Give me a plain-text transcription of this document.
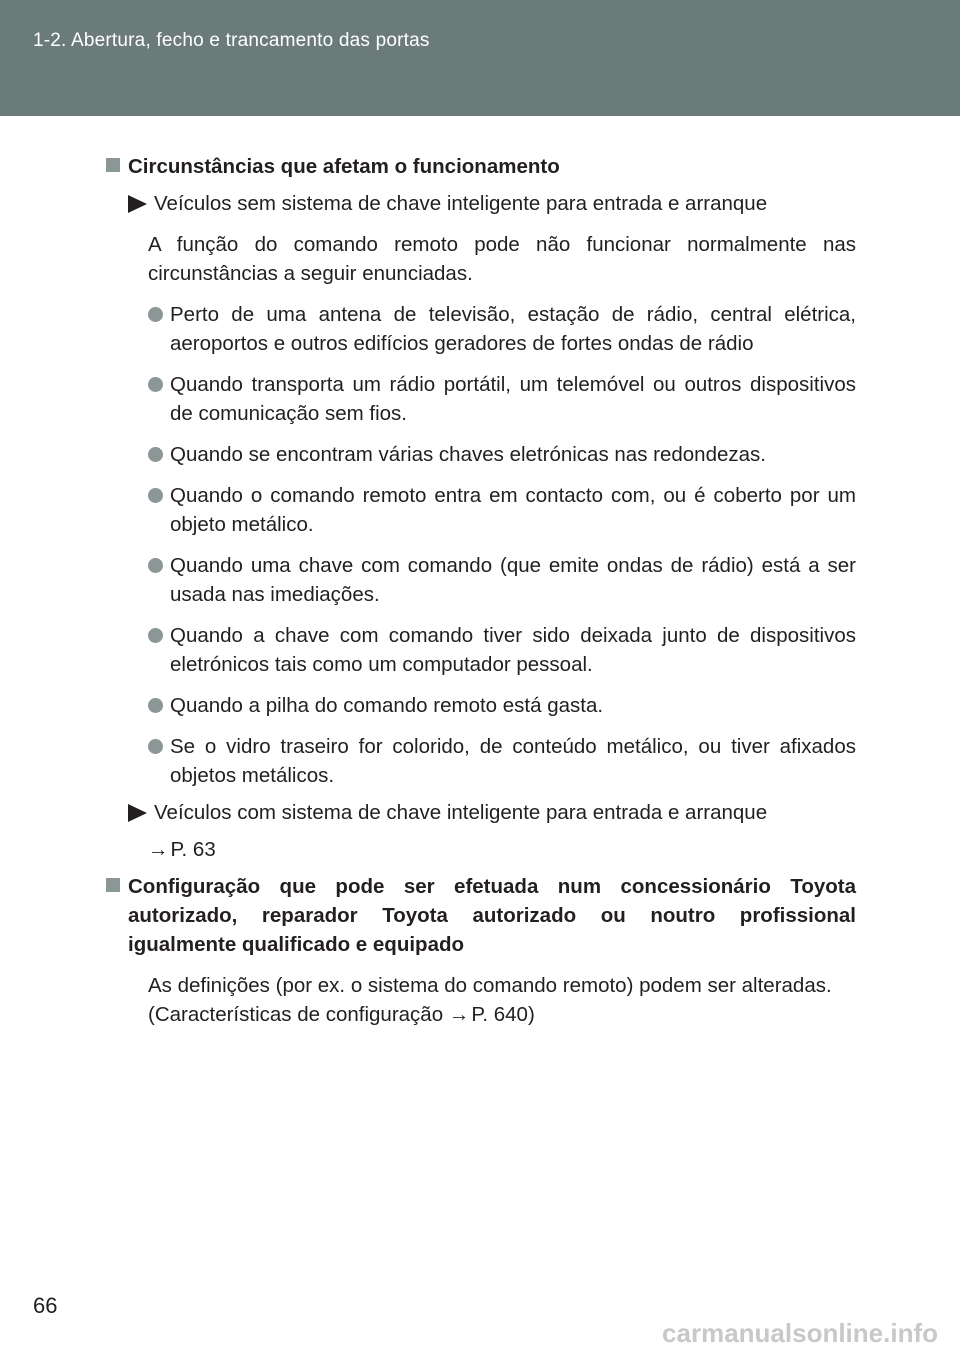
1-2. Abertura, fecho e trancamento das portas
Circunstâncias que afetam o funcionamento
Veículos sem sistema de chave inteligente para entrada e arranque
A função do comando remoto pode não funcionar normalmente nas circunstâncias a seguir enunciadas.
Perto de uma antena de televisão, estação de rádio, central elétrica, aeroportos e outros edifícios geradores de fortes ondas de rádio
Quando transporta um rádio portátil, um telemóvel ou outros dispositivos de comunicação sem fios.
Quando se encontram várias chaves eletrónicas nas redondezas.
Quando o comando remoto entra em contacto com, ou é coberto por um objeto metálico.
Quando uma chave com comando (que emite ondas de rádio) está a ser usada nas imediações.
Quando a chave com comando tiver sido deixada junto de dispositivos eletrónicos tais como um computador pessoal.
Quando a pilha do comando remoto está gasta.
Se o vidro traseiro for colorido, de conteúdo metálico, ou tiver afixados objetos metálicos.
Veículos com sistema de chave inteligente para entrada e arranque
→P. 63
Configuração que pode ser efetuada num concessionário Toyota autorizado, reparador Toyota autorizado ou noutro profissional igualmente qualificado e equipado
As definições (por ex. o sistema do comando remoto) podem ser alteradas.
(Características de configuração →P. 640)
66
carmanualsonline.info
